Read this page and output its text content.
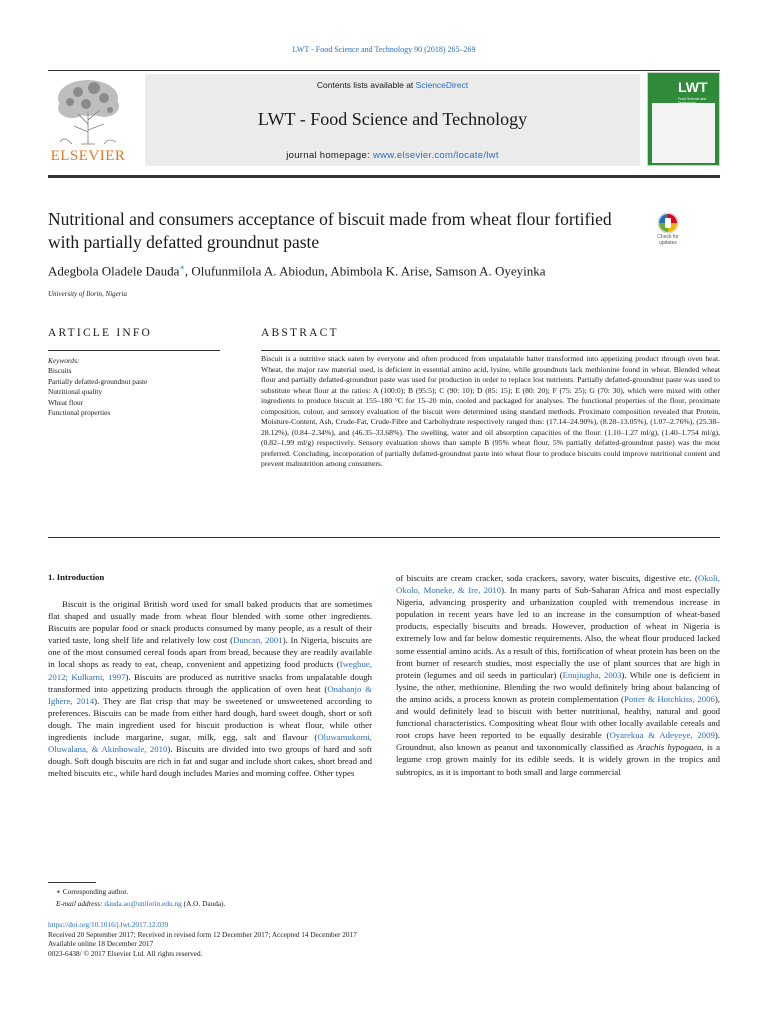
LWT - Food Science and Technology 90 (2018) 265–269
ELSEVIER
Contents lists available at ScienceDirect
LWT - Food Science and Technology
journal homepage: www.elsevier.com/locate/lwt
LWT
Food Science and
Nutritional and consumers acceptance of biscuit made from wheat flour fortified with partially defatted groundnut paste	Check for updates
Adegbola Oladele Dauda∗, Olufunmilola A. Abiodun, Abimbola K. Arise, Samson A. Oyeyinka
University of Ilorin, Nigeria
ARTICLE INFO	ABSTRACT
Keywords:
Biscuits
Partially defatted-groundnut paste
Nutritional quality
Wheat flour
Functional properties
Biscuit is a nutritive snack eaten by everyone and often produced from unpalatable batter transformed into appetizing product through oven heat. Wheat, the major raw material used, is deficient in essential amino acid, lysine, while groundnuts lack methionine found in wheat. Blended wheat flour and partially defatted-groundnut paste was used for production in order to replace lost nutrients. Partially defatted-groundnut paste was used to substitute wheat flour at the ratios: A (100:0); B (95:5); C (90: 10); D (85: 15); E (80: 20); F (75: 25); G (70: 30), which were mixed with other ingredients to produce biscuit at 155–180 °C for 15–20 min, cooled and packaged for analyses. The functional properties of the flour, proximate composition, colour, and sensory evaluation of the biscuit were determined using standard methods. Proximate composition revealed that Protein, Moisture-Content, Ash, Crude-Fat, Crude-Fibre and Carbohydrate respectively ranged thus: (17.14–24.90%), (8.28–13.05%), (1.07–2.76%), (25.38–28.12%), (0.84–2.34%), and (46.35–33.68%). The swelling, water and oil absorption capacities of the flour: (1.10–1.27 ml/g), (1.40–1.754 ml/g), (0.82–1.99 ml/g) respectively. Sensory evaluation shows than sample B (95% wheat flour, 5% partially defatted-groundnut paste) was the most preferred. Concluding, incorporation of partially defatted-groundnut paste into wheat flour to produce biscuits could improve nutritional content and prevent malnutrition among consumers.
1. Introduction

Biscuit is the original British word used for small baked products that are sometimes flat shaped and usually made from wheat flour blended with some other ingredients. Biscuits are popular food or snack products consumed by many people, as a result of their varied taste, long shelf life and relatively low cost (Duncan, 2001). In Nigeria, biscuits are one of the most consumed cereal foods apart from bread, because they are readily available in local shops as ready to eat, cheap, convenient and appetizing food products (Iwegbue, 2012; Kulkarni, 1997). Biscuits are produced as nutritive snacks from unpalatable dough transformed into appetizing products through the application of oven heat (Onabanjo & Ighere, 2014). They are flat crisp that may be sweetened or unsweetened according to preferences. Biscuits can be made from either hard dough, hard sweet dough, short or soft dough. The main ingredient used for biscuit production is wheat flour, while other ingredients include margarine, sugar, milk, egg, salt and flavour (Oluwamukomi, Oluwalana, & Akinbowale, 2010). Biscuits are divided into two groups of hard and soft dough. Soft dough biscuits are rich in fat and sugar and include short cakes, short bread and melted biscuits etc., while hard dough includes Maries and morning coffee. Other types

of biscuits are cream cracker, soda crackers, savory, water biscuits, digestive etc. (Okoli, Okolo, Moneke, & Ire, 2010). In many parts of Sub-Saharan Africa and most especially Nigeria, advancing prosperity and urbanization coupled with tremendous increase in population in recent years have led to an increase in the consumption of wheat-based products, especially biscuits and breads. However, production of wheat in Nigeria is extremely low and far below domestic requirements. Also, the wheat flour produced lacked some essential amino acids. As a result of this, fortification of wheat protein has been on the front burner of research studies, most especially the use of plant sources that are high in protein (legumes and oil seeds in particular) (Enujiugha, 2003). While one is deficient in lysine, the other, methionine. Blending the two would definitely bring about balancing of the amino acids, a process known as protein complementation (Potter & Hotchkiss, 2006), and would definitely lead to biscuit with better nutritional, healthy, natural and good functional characteristics. Compositing wheat flour with other locally available cereals and root crops have been reported to be equally desirable (Oyarekua & Adeyeye, 2009). Groundnut, also known as peanut and taxonomically classified as Arachis hypogaea, is a legume crop grown mainly for its edible seeds. It is widely grown in the tropics and subtropics, as it is important to both small and large commercial

∗ Corresponding author.
E-mail address: dauda.ao@unilorin.edu.ng (A.O. Dauda).
https://doi.org/10.1016/j.lwt.2017.12.039
Received 20 September 2017; Received in revised form 12 December 2017; Accepted 14 December 2017
Available online 18 December 2017
0023-6438/ © 2017 Elsevier Ltd. All rights reserved.
